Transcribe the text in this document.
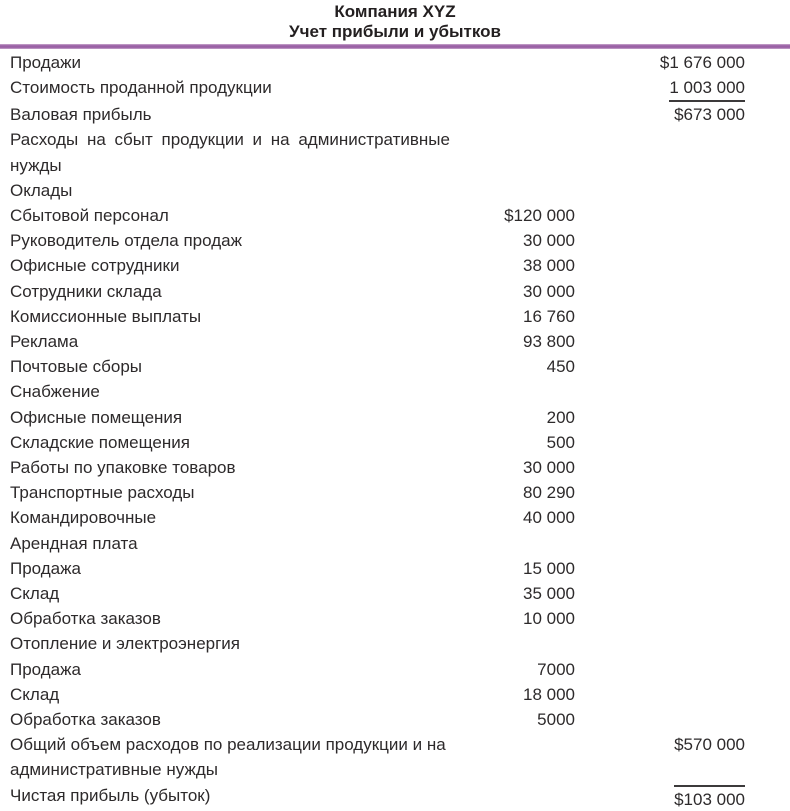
Компания XYZ
Учет прибыли и убытков
Продажи		$1 676 000	
Стоимость проданной продукции		1 003 000	
Валовая прибыль		$673 000	
Расходы на сбыт продукции и на административные нужды			
Оклады			
Сбытовой персонал	$120 000		
Руководитель отдела продаж	30 000		
Офисные сотрудники	38 000		
Сотрудники склада	30 000		
Комиссионные выплаты	16 760		
Реклама	93 800		
Почтовые сборы	450		
Снабжение			
Офисные помещения	200		
Складские помещения	500		
Работы по упаковке товаров	30 000		
Транспортные расходы	80 290		
Командировочные	40 000		
Арендная плата			
Продажа	15 000		
Склад	35 000		
Обработка заказов	10 000		
Отопление и электроэнергия			
Продажа	7000		
Склад	18 000		
Обработка заказов	5000		
Общий объем расходов по реализации продукции и на административные нужды		$570 000	
Чистая прибыль (убыток)		$103 000	
